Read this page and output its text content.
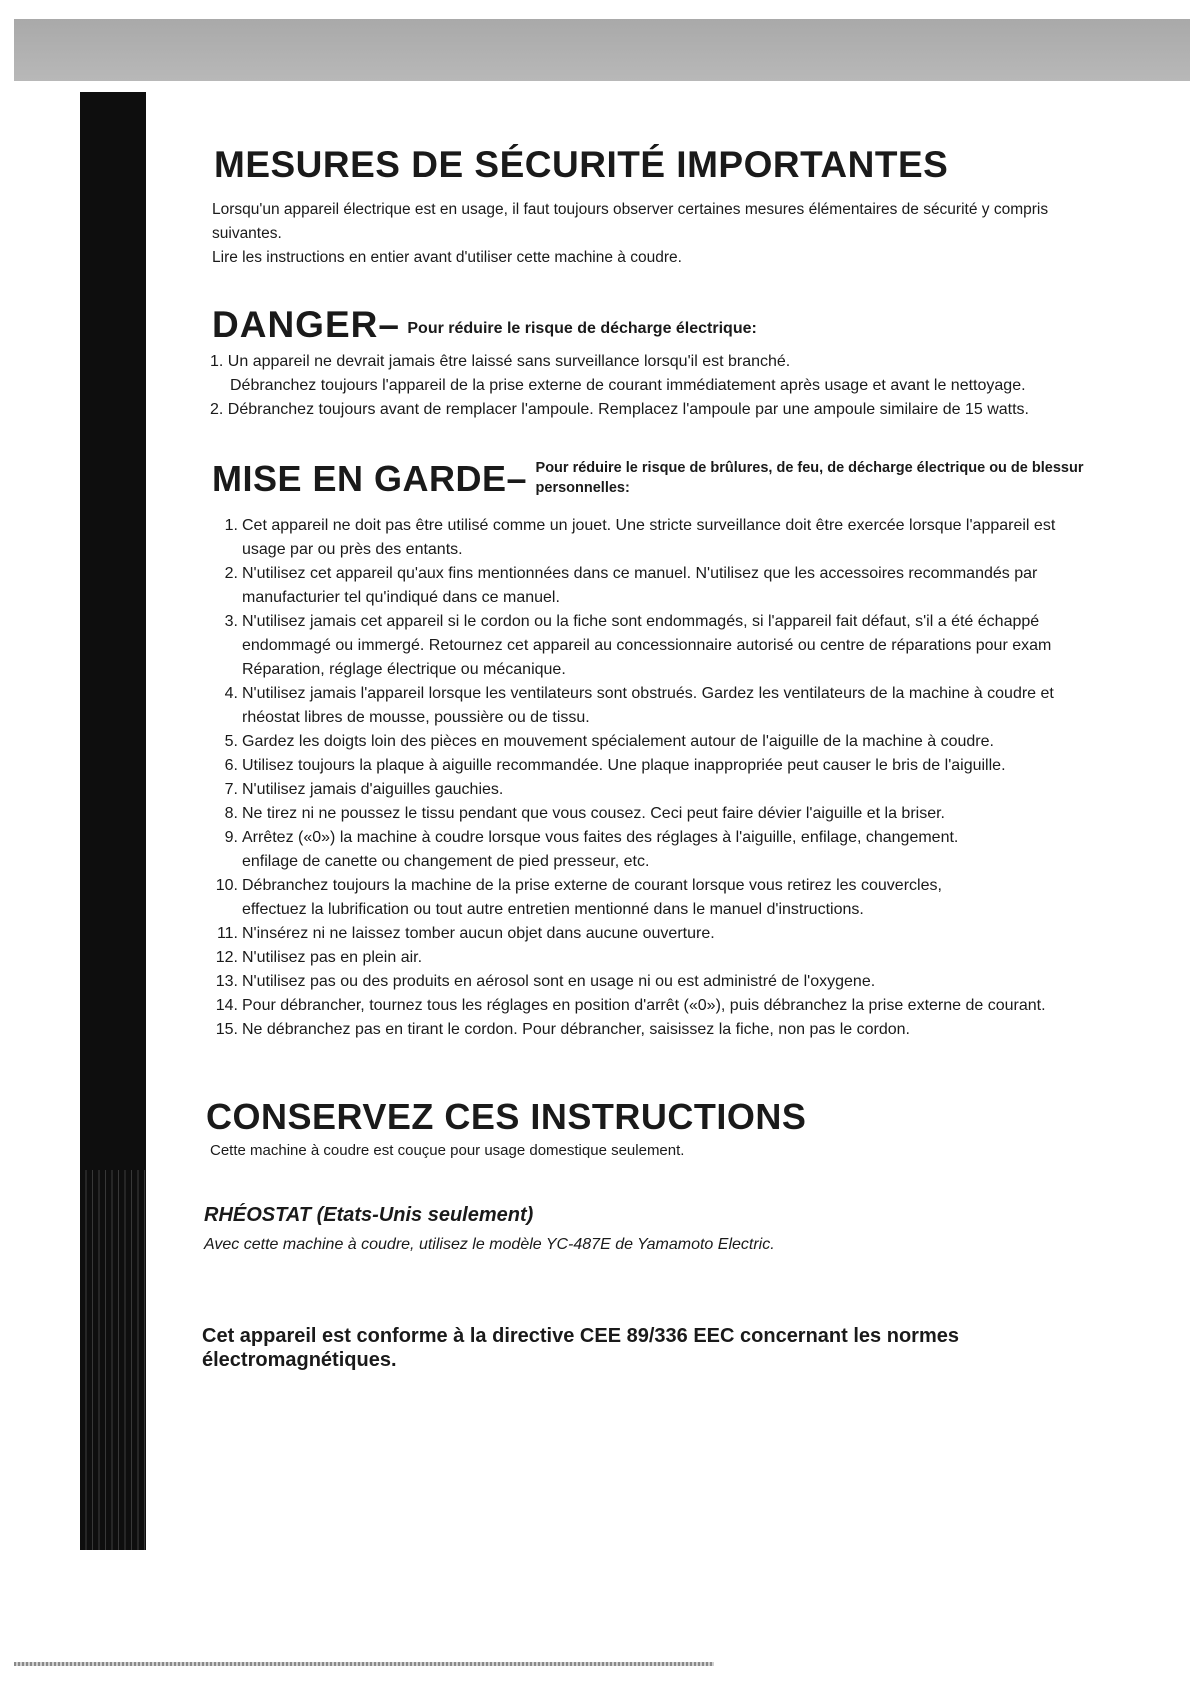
MESURES DE SÉCURITÉ IMPORTANTES

Lorsqu'un appareil électrique est en usage, il faut toujours observer certaines mesures élémentaires de sécurité y compris

suivantes.

Lire les instructions en entier avant d'utiliser cette machine à coudre.

DANGER– Pour réduire le risque de décharge électrique:

1. Un appareil ne devrait jamais être laissé sans surveillance lorsqu'il est branché.

Débranchez toujours l'appareil de la prise externe de courant immédiatement après usage et avant le nettoyage.

2. Débranchez toujours avant de remplacer l'ampoule. Remplacez l'ampoule par une ampoule similaire de 15 watts.

MISE EN GARDE– Pour réduire le risque de brûlures, de feu, de décharge électrique ou de blessur
personnelles:
1. Cet appareil ne doit pas être utilisé comme un jouet. Une stricte surveillance doit être exercée lorsque l'appareil est
usage par ou près des entants.
2. N'utilisez cet appareil qu'aux fins mentionnées dans ce manuel. N'utilisez que les accessoires recommandés par
manufacturier tel qu'indiqué dans ce manuel.
3. N'utilisez jamais cet appareil si le cordon ou la fiche sont endommagés, si l'appareil fait défaut, s'il a été échappé
endommagé ou immergé. Retournez cet appareil au concessionnaire autorisé ou centre de réparations pour exam
Réparation, réglage électrique ou mécanique.
4. N'utilisez jamais l'appareil lorsque les ventilateurs sont obstrués. Gardez les ventilateurs de la machine à coudre et
rhéostat libres de mousse, poussière ou de tissu.
5. Gardez les doigts loin des pièces en mouvement spécialement autour de l'aiguille de la machine à coudre.
6. Utilisez toujours la plaque à aiguille recommandée. Une plaque inappropriée peut causer le bris de l'aiguille.
7. N'utilisez jamais d'aiguilles gauchies.
8. Ne tirez ni ne poussez le tissu pendant que vous cousez. Ceci peut faire dévier l'aiguille et la briser.
9. Arrêtez («0») la machine à coudre lorsque vous faites des réglages à l'aiguille, enfilage, changement.
enfilage de canette ou changement de pied presseur, etc.
10. Débranchez toujours la machine de la prise externe de courant lorsque vous retirez les couvercles,
effectuez la lubrification ou tout autre entretien mentionné dans le manuel d'instructions.
11. N'insérez ni ne laissez tomber aucun objet dans aucune ouverture.
12. N'utilisez pas en plein air.
13. N'utilisez pas ou des produits en aérosol sont en usage ni ou est administré de l'oxygene.
14. Pour débrancher, tournez tous les réglages en position d'arrêt («0»), puis débranchez la prise externe de courant.
15. Ne débranchez pas en tirant le cordon. Pour débrancher, saisissez la fiche, non pas le cordon.
CONSERVEZ CES INSTRUCTIONS

Cette machine à coudre est couçue pour usage domestique seulement.

RHÉOSTAT (Etats-Unis seulement)

Avec cette machine à coudre, utilisez le modèle YC-487E de Yamamoto Electric.

Cet appareil est conforme à la directive CEE 89/336 EEC concernant les normes
électromagnétiques.
